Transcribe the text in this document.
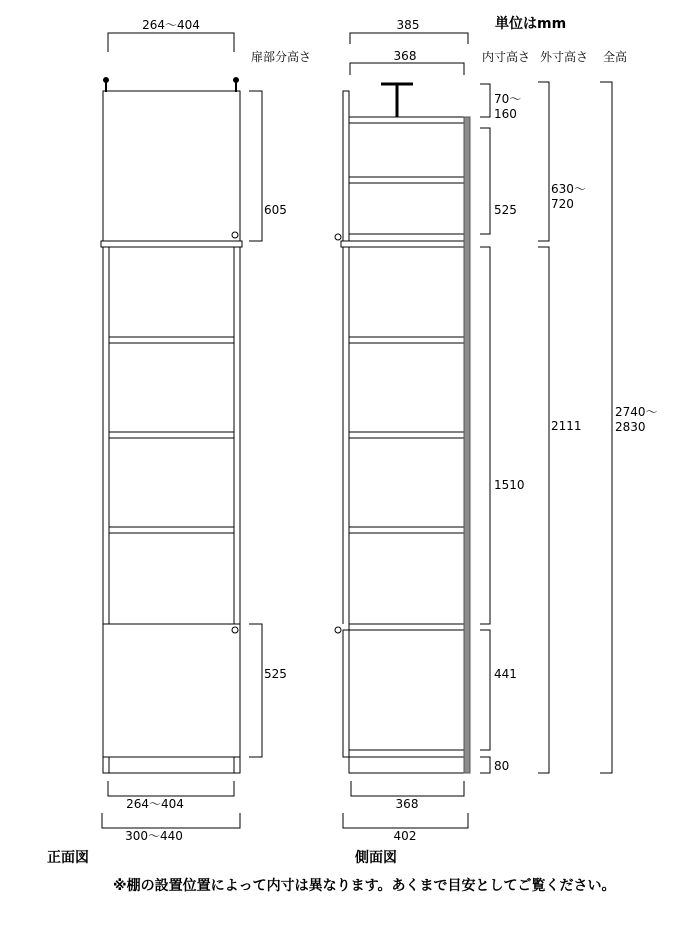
264～404
扉部分高さ
605
525
264～404
300～440
正面図
385
368
368
402
側面図
単位はmm
内寸高さ 外寸高さ 全高
70～
160
525
1510
441
80
630～
720
2111
2740～
2830
※棚の設置位置によって内寸は異なります。あくまで目安としてご覧ください。
